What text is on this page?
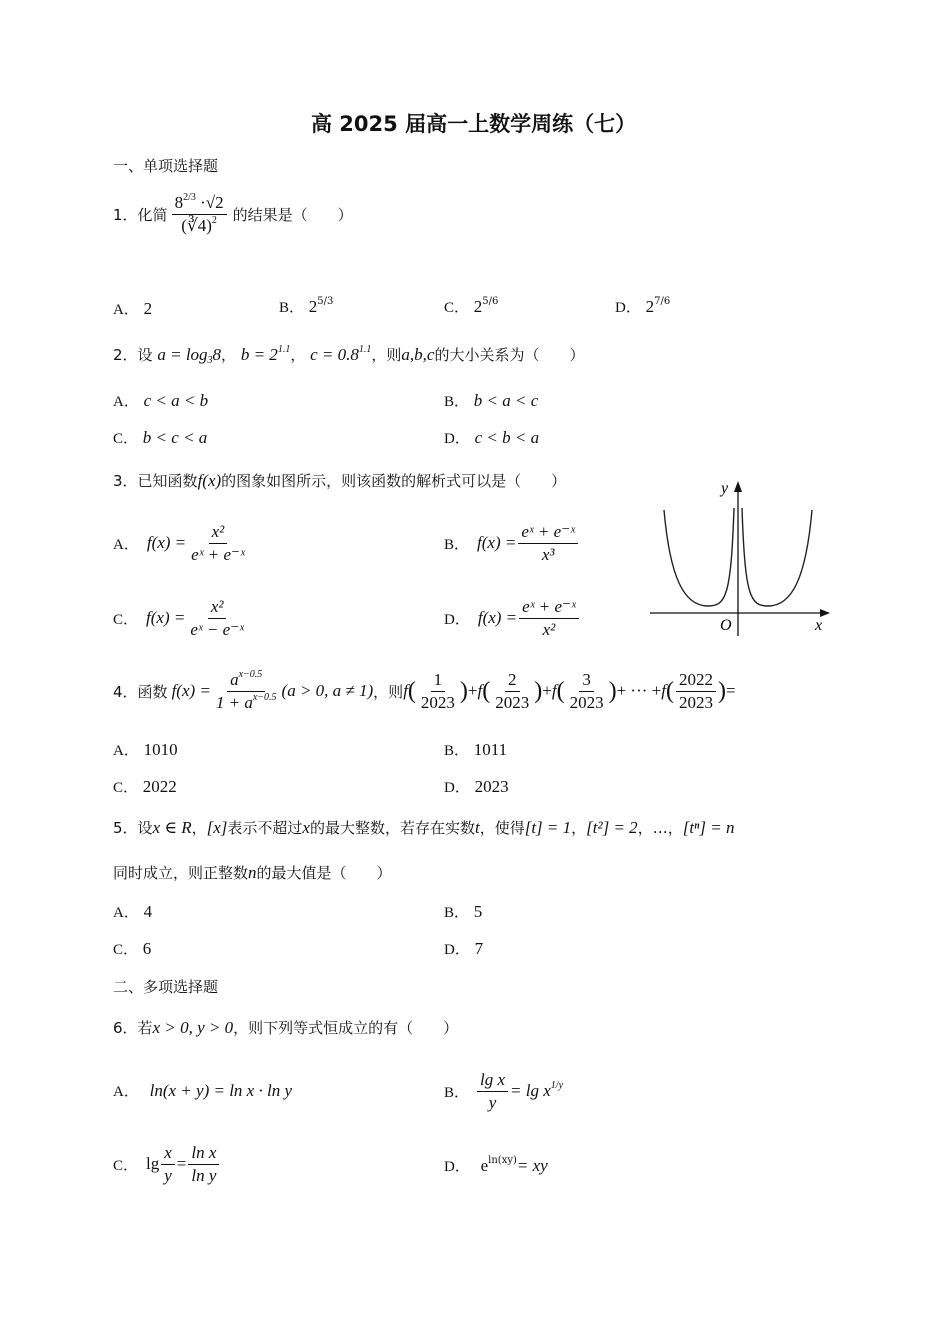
高 2025 届高一上数学周练（七）
一、单项选择题
1． 化简 $\frac{8^{2/3} \cdot√2}{(∛4)^2}$ 的结果是（　　）
A． 2	B． $2^{5/3}$	C． $2^{5/6}$	D． $2^{7/6}$
2．设 $a = \log_38$， $b = 2^{1.1}$， $c = 0.8^{1.1}$，则a,b,c的大小关系为（　　）
A． c < a < b	B． b < a < c
C． b < c < a	D． c < b < a
3．已知函数f(x)的图象如图所示，则该函数的解析式可以是（　　）
A． $f(x) = \frac{\text{x²}}{\text{eˣ + e⁻ˣ}}$	B． $f(x) = \frac{\text{eˣ + e⁻ˣ}}{\text{x³}}$
C． $f(x) = \frac{\text{x²}}{\text{eˣ − e⁻ˣ}}$	D． $f(x) = \frac{\text{eˣ + e⁻ˣ}}{\text{x²}}$
y
x
O
4． 函数 $f(x) = \frac{a^{x-0.5}}{1 + a^{x-0.5}} (a > 0$, a ≠ 1) ，则 f ( $\frac{1}{2023}$ ) + f ( $\frac{2}{2023}$ ) + f ( $\frac{3}{2023}$ ) + ··· + f ( $\frac{2022}{2023}$ ) =
A． 1010	B． 1011
C． 2022	D． 2023
5．设x ∈ R，[x]表示不超过x的最大整数，若存在实数t，使得[t] = 1，[t²] = 2，…，[tⁿ] = n
同时成立，则正整数n的最大值是（　　）
A． 4	B． 5
C． 6	D． 7
二、多项选择题
6．若x > 0, y > 0，则下列等式恒成立的有（　　）
A． ln(x + y) = ln x · ln y	B． $\frac{\text{lg x}}{y} = \lg x^{1/y}$
C． $\lg \frac{x}{y} = \frac{\text{ln x}}{\text{ln y}}$	D． $e^{ln(xy)}=$ xy
